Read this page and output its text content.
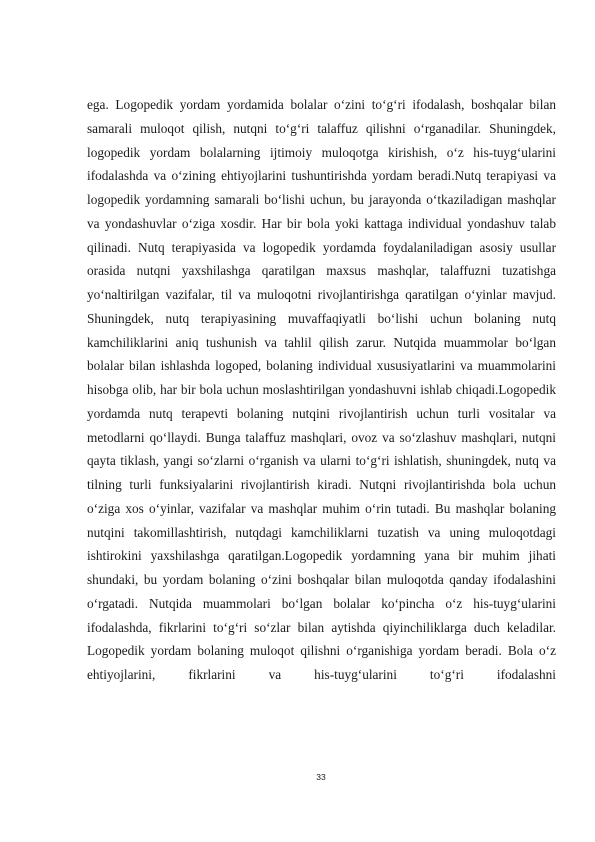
ega. Logopedik yordam yordamida bolalar o‘zini to‘g‘ri ifodalash, boshqalar bilan samarali muloqot qilish, nutqni to‘g‘ri talaffuz qilishni o‘rganadilar. Shuningdek, logopedik yordam bolalarning ijtimoiy muloqotga kirishish, o‘z his-tuyg‘ularini ifodalashda va o‘zining ehtiyojlarini tushuntirishda yordam beradi.Nutq terapiyasi va logopedik yordamning samarali bo‘lishi uchun, bu jarayonda o‘tkaziladigan mashqlar va yondashuvlar o‘ziga xosdir. Har bir bola yoki kattaga individual yondashuv talab qilinadi. Nutq terapiyasida va logopedik yordamda foydalaniladigan asosiy usullar orasida nutqni yaxshilashga qaratilgan maxsus mashqlar, talaffuzni tuzatishga yo‘naltirilgan vazifalar, til va muloqotni rivojlantirishga qaratilgan o‘yinlar mavjud. Shuningdek, nutq terapiyasining muvaffaqiyatli bo‘lishi uchun bolaning nutq kamchiliklarini aniq tushunish va tahlil qilish zarur. Nutqida muammolar bo‘lgan bolalar bilan ishlashda logoped, bolaning individual xususiyatlarini va muammolarini hisobga olib, har bir bola uchun moslashtirilgan yondashuvni ishlab chiqadi.Logopedik yordamda nutq terapevti bolaning nutqini rivojlantirish uchun turli vositalar va metodlarni qo‘llaydi. Bunga talaffuz mashqlari, ovoz va so‘zlashuv mashqlari, nutqni qayta tiklash, yangi so‘zlarni o‘rganish va ularni to‘g‘ri ishlatish, shuningdek, nutq va tilning turli funksiyalarini rivojlantirish kiradi. Nutqni rivojlantirishda bola uchun o‘ziga xos o‘yinlar, vazifalar va mashqlar muhim o‘rin tutadi. Bu mashqlar bolaning nutqini takomillashtirish, nutqdagi kamchiliklarni tuzatish va uning muloqotdagi ishtirokini yaxshilashga qaratilgan.Logopedik yordamning yana bir muhim jihati shundaki, bu yordam bolaning o‘zini boshqalar bilan muloqotda qanday ifodalashini o‘rgatadi. Nutqida muammolari bo‘lgan bolalar ko‘pincha o‘z his-tuyg‘ularini ifodalashda, fikrlarini to‘g‘ri so‘zlar bilan aytishda qiyinchiliklarga duch keladilar. Logopedik yordam bolaning muloqot qilishni o‘rganishiga yordam beradi. Bola o‘z ehtiyojlarini, fikrlarini va his-tuyg‘ularini to‘g‘ri ifodalashni

33
